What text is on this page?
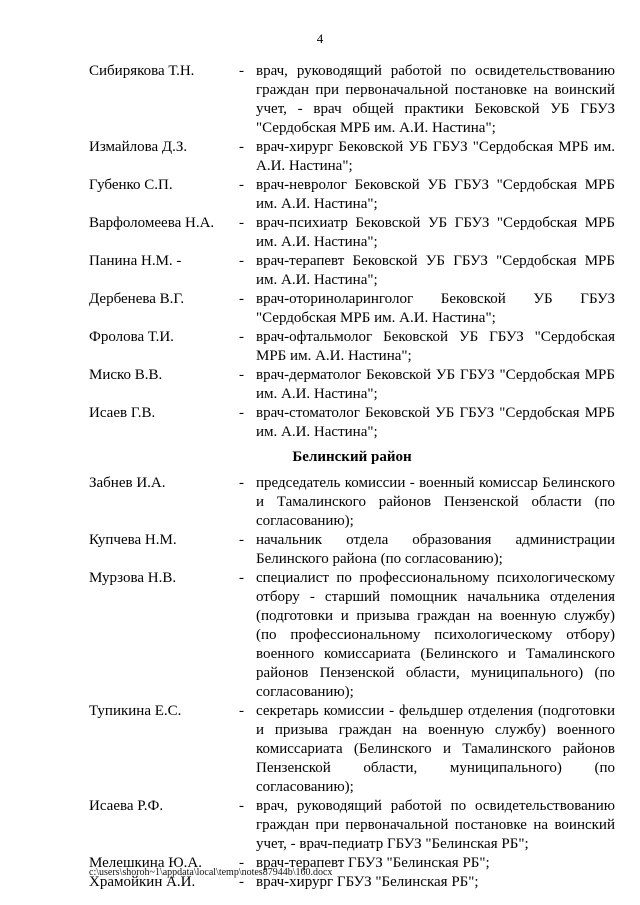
4
Сибирякова Т.Н.	- врач, руководящий работой по освидетельствованию граждан при первоначальной постановке на воинский учет, - врач общей практики Бековской УБ ГБУЗ "Сердобская МРБ им. А.И. Настина";
Измайлова Д.З.	- врач-хирург Бековской УБ ГБУЗ "Сердобская МРБ им. А.И. Настина";
Губенко С.П.	- врач-невролог Бековской УБ ГБУЗ "Сердобская МРБ им. А.И. Настина";
Варфоломеева Н.А.	- врач-психиатр Бековской УБ ГБУЗ "Сердобская МРБ им. А.И. Настина";
Панина Н.М. -	- врач-терапевт Бековской УБ ГБУЗ "Сердобская МРБ им. А.И. Настина";
Дербенева В.Г.	- врач-оториноларинголог Бековской УБ ГБУЗ "Сердобская МРБ им. А.И. Настина";
Фролова Т.И.	- врач-офтальмолог Бековской УБ ГБУЗ "Сердобская МРБ им. А.И. Настина";
Миско В.В.	- врач-дерматолог Бековской УБ ГБУЗ "Сердобская МРБ им. А.И. Настина";
Исаев Г.В.	- врач-стоматолог Бековской УБ ГБУЗ "Сердобская МРБ им. А.И. Настина";
Белинский район
Забнев И.А.	- председатель комиссии - военный комиссар Белинского и Тамалинского районов Пензенской области (по согласованию);
Купчева Н.М.	- начальник отдела образования администрации Белинского района (по согласованию);
Мурзова Н.В.	- специалист по профессиональному психологическому отбору - старший помощник начальника отделения (подготовки и призыва граждан на военную службу) (по профессиональному психологическому отбору) военного комиссариата (Белинского и Тамалинского районов Пензенской области, муниципального) (по согласованию);
Тупикина Е.С.	- секретарь комиссии - фельдшер отделения (подготовки и призыва граждан на военную службу) военного комиссариата (Белинского и Тамалинского районов Пензенской области, муниципального) (по согласованию);
Исаева Р.Ф.	- врач, руководящий работой по освидетельствованию граждан при первоначальной постановке на воинский учет, - врач-педиатр ГБУЗ "Белинская РБ";
Мелешкина Ю.А.	- врач-терапевт ГБУЗ "Белинская РБ";
Храмойкин А.И.	- врач-хирург ГБУЗ "Белинская РБ";
c:\users\shoroh~1\appdata\local\temp\notes87944b\160.docx
